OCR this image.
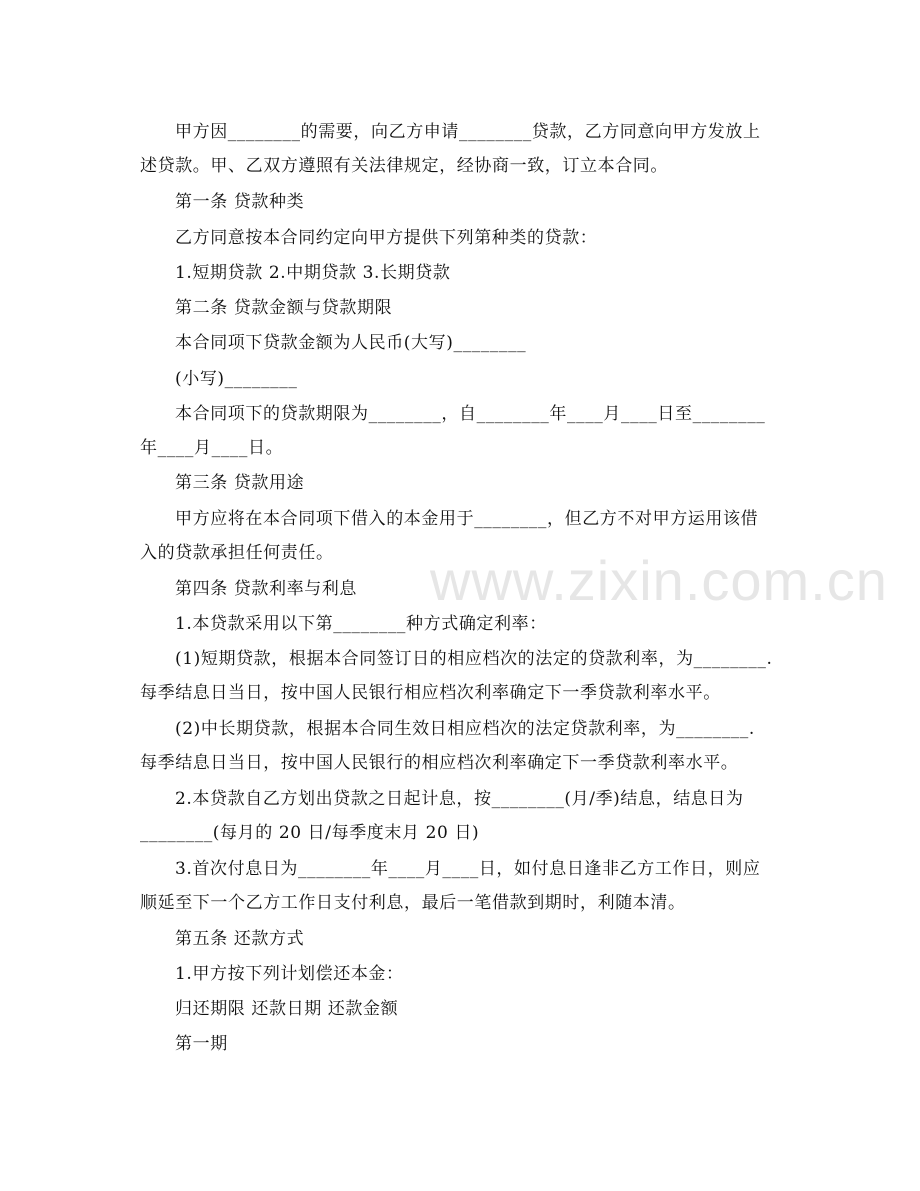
www.zixin.com.cn
甲方因________的需要，向乙方申请________贷款，乙方同意向甲方发放上
述贷款。甲、乙双方遵照有关法律规定，经协商一致，订立本合同。
第一条 贷款种类
乙方同意按本合同约定向甲方提供下列第种类的贷款：
1.短期贷款 2.中期贷款 3.长期贷款
第二条 贷款金额与贷款期限
本合同项下贷款金额为人民币(大写)________
(小写)________
本合同项下的贷款期限为________，自________年____月____日至________
年____月____日。
第三条 贷款用途
甲方应将在本合同项下借入的本金用于________，但乙方不对甲方运用该借
入的贷款承担任何责任。
第四条 贷款利率与利息
1.本贷款采用以下第________种方式确定利率：
(1)短期贷款，根据本合同签订日的相应档次的法定的贷款利率，为________.
每季结息日当日，按中国人民银行相应档次利率确定下一季贷款利率水平。
(2)中长期贷款，根据本合同生效日相应档次的法定贷款利率，为________.
每季结息日当日，按中国人民银行的相应档次利率确定下一季贷款利率水平。
2.本贷款自乙方划出贷款之日起计息，按________(月/季)结息，结息日为
________(每月的 20 日/每季度末月 20 日)
3.首次付息日为________年____月____日，如付息日逢非乙方工作日，则应
顺延至下一个乙方工作日支付利息，最后一笔借款到期时，利随本清。
第五条 还款方式
1.甲方按下列计划偿还本金：
归还期限 还款日期 还款金额
第一期
